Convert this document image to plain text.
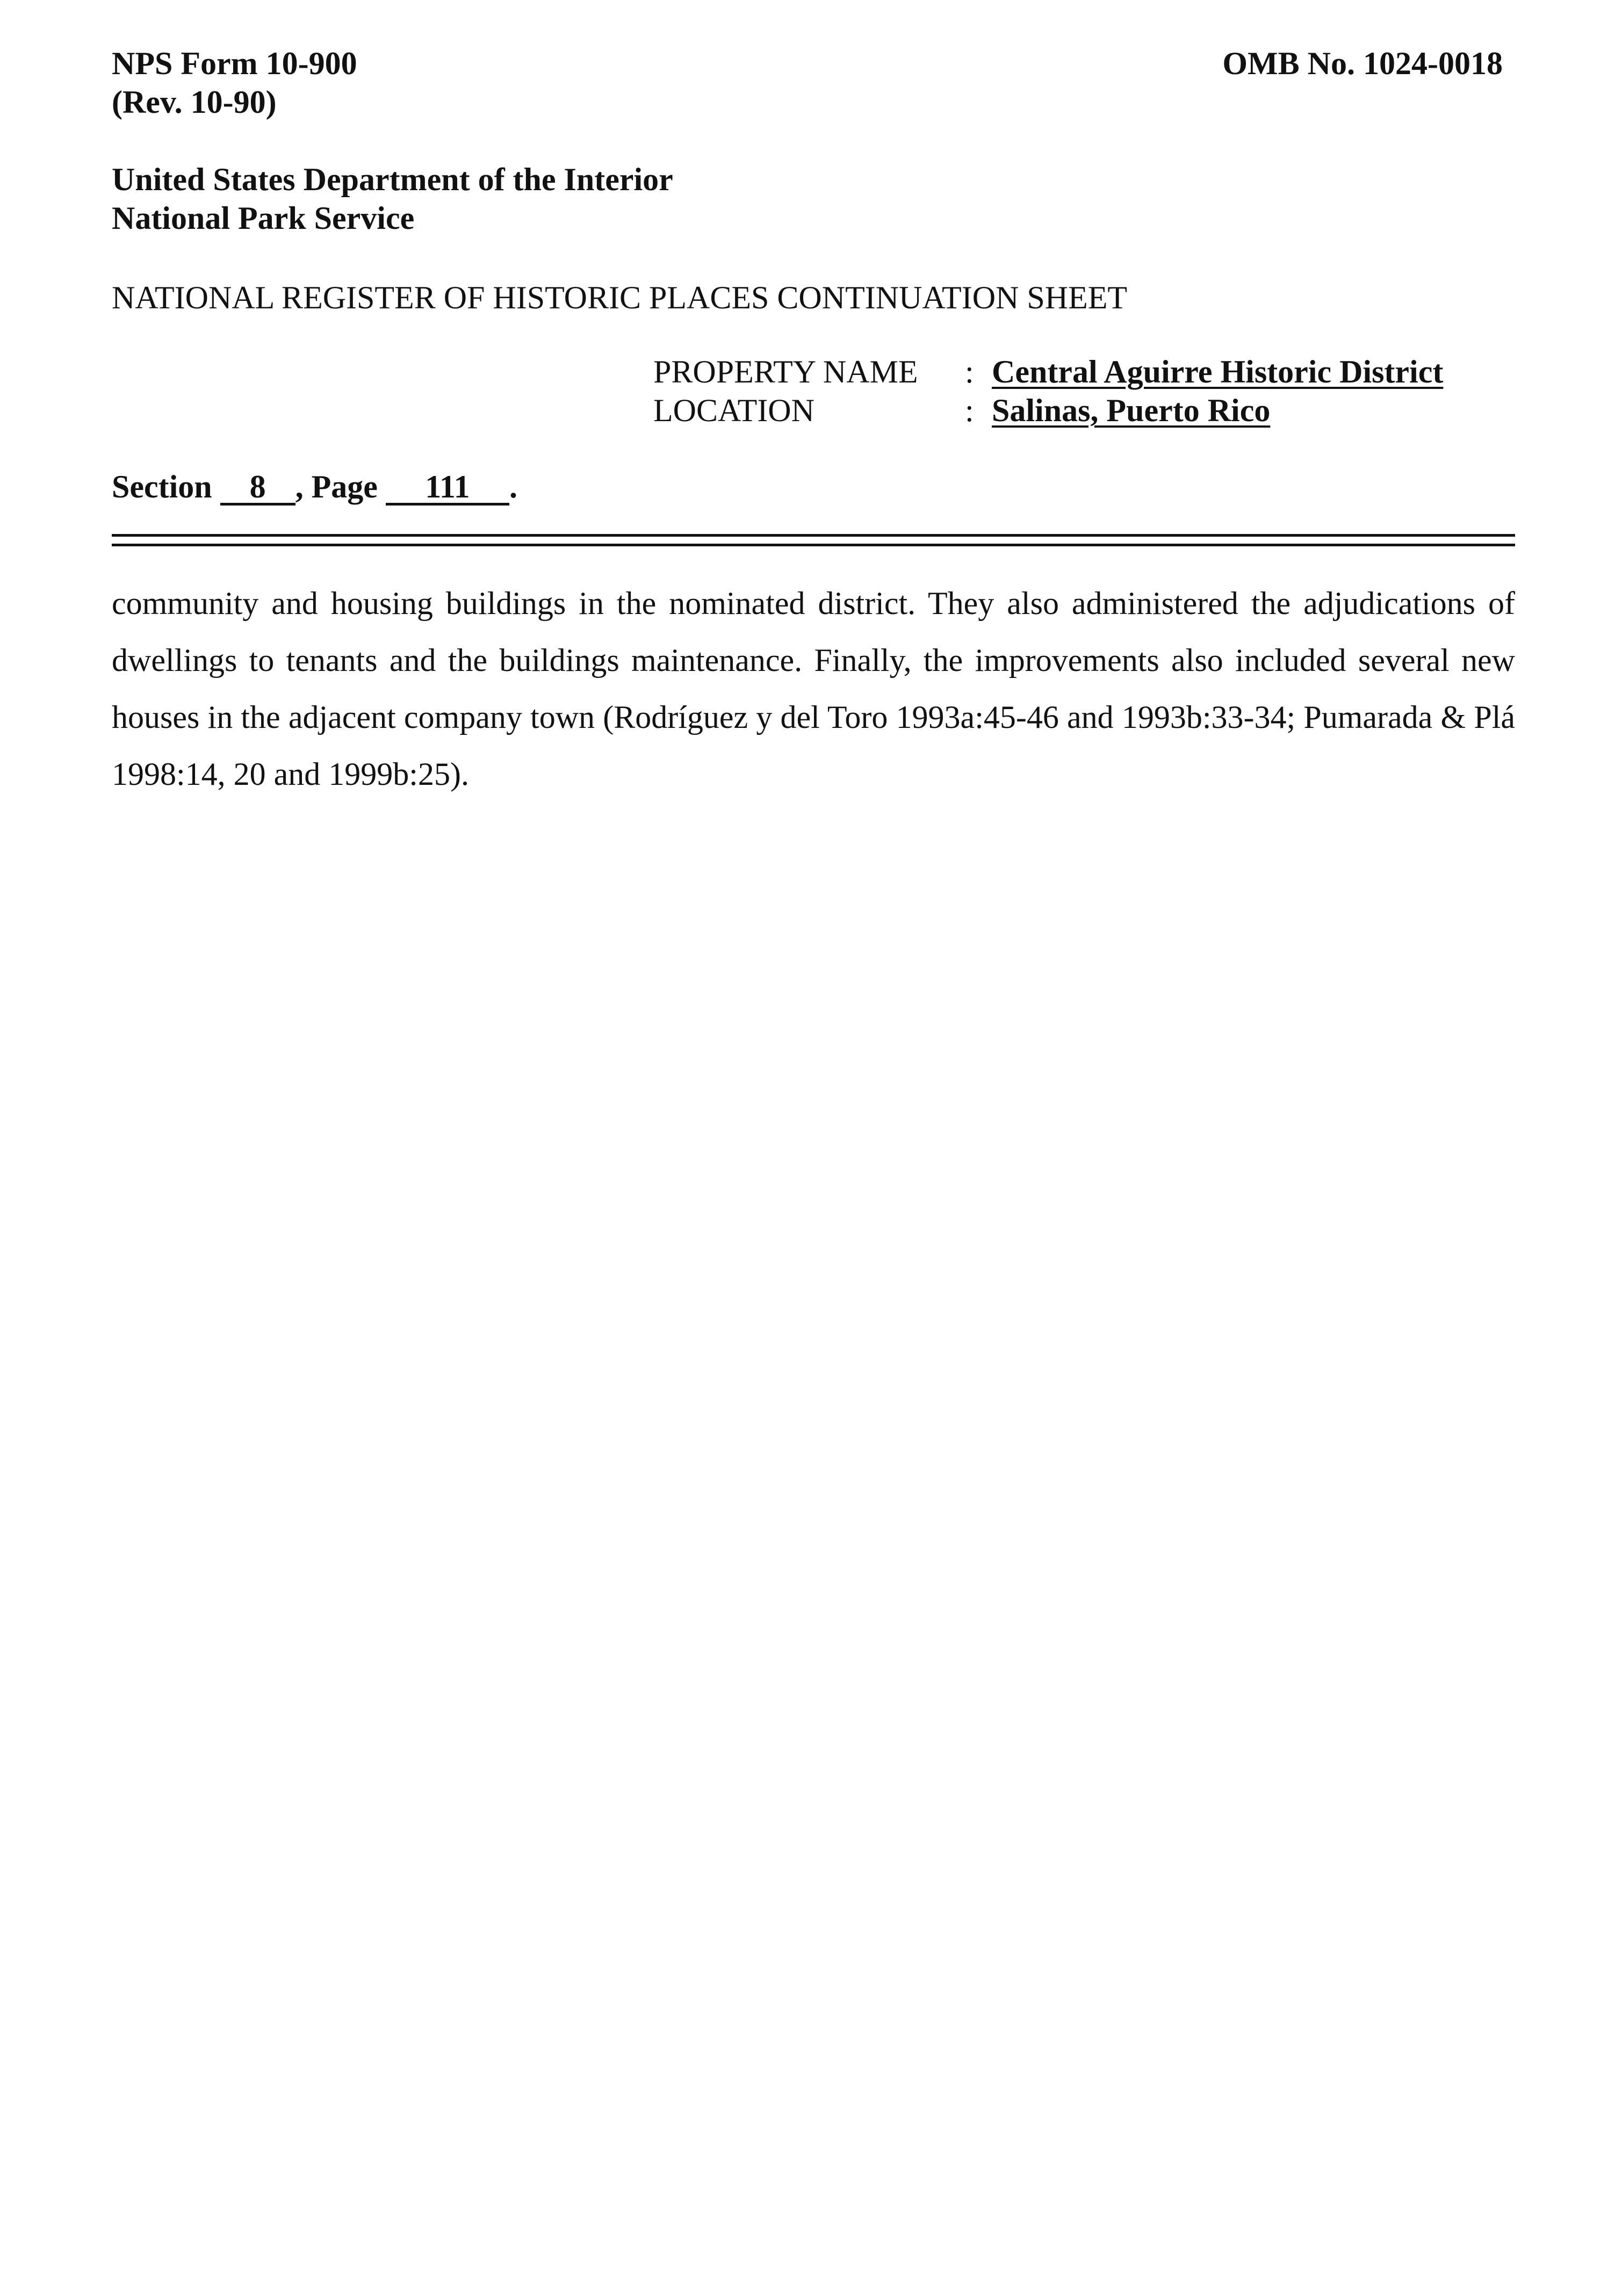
NPS Form 10-900
(Rev. 10-90)
OMB No. 1024-0018
United States Department of the Interior
National Park Service
NATIONAL REGISTER OF HISTORIC PLACES CONTINUATION SHEET
PROPERTY NAME	: Central Aguirre Historic District
LOCATION	: Salinas, Puerto Rico
Section 8 , Page 111 .
community and housing buildings in the nominated district. They also administered the adjudications of dwellings to tenants and the buildings maintenance. Finally, the improvements also included several new houses in the adjacent company town (Rodríguez y del Toro 1993a:45-46 and 1993b:33-34; Pumarada & Plá 1998:14, 20 and 1999b:25).
